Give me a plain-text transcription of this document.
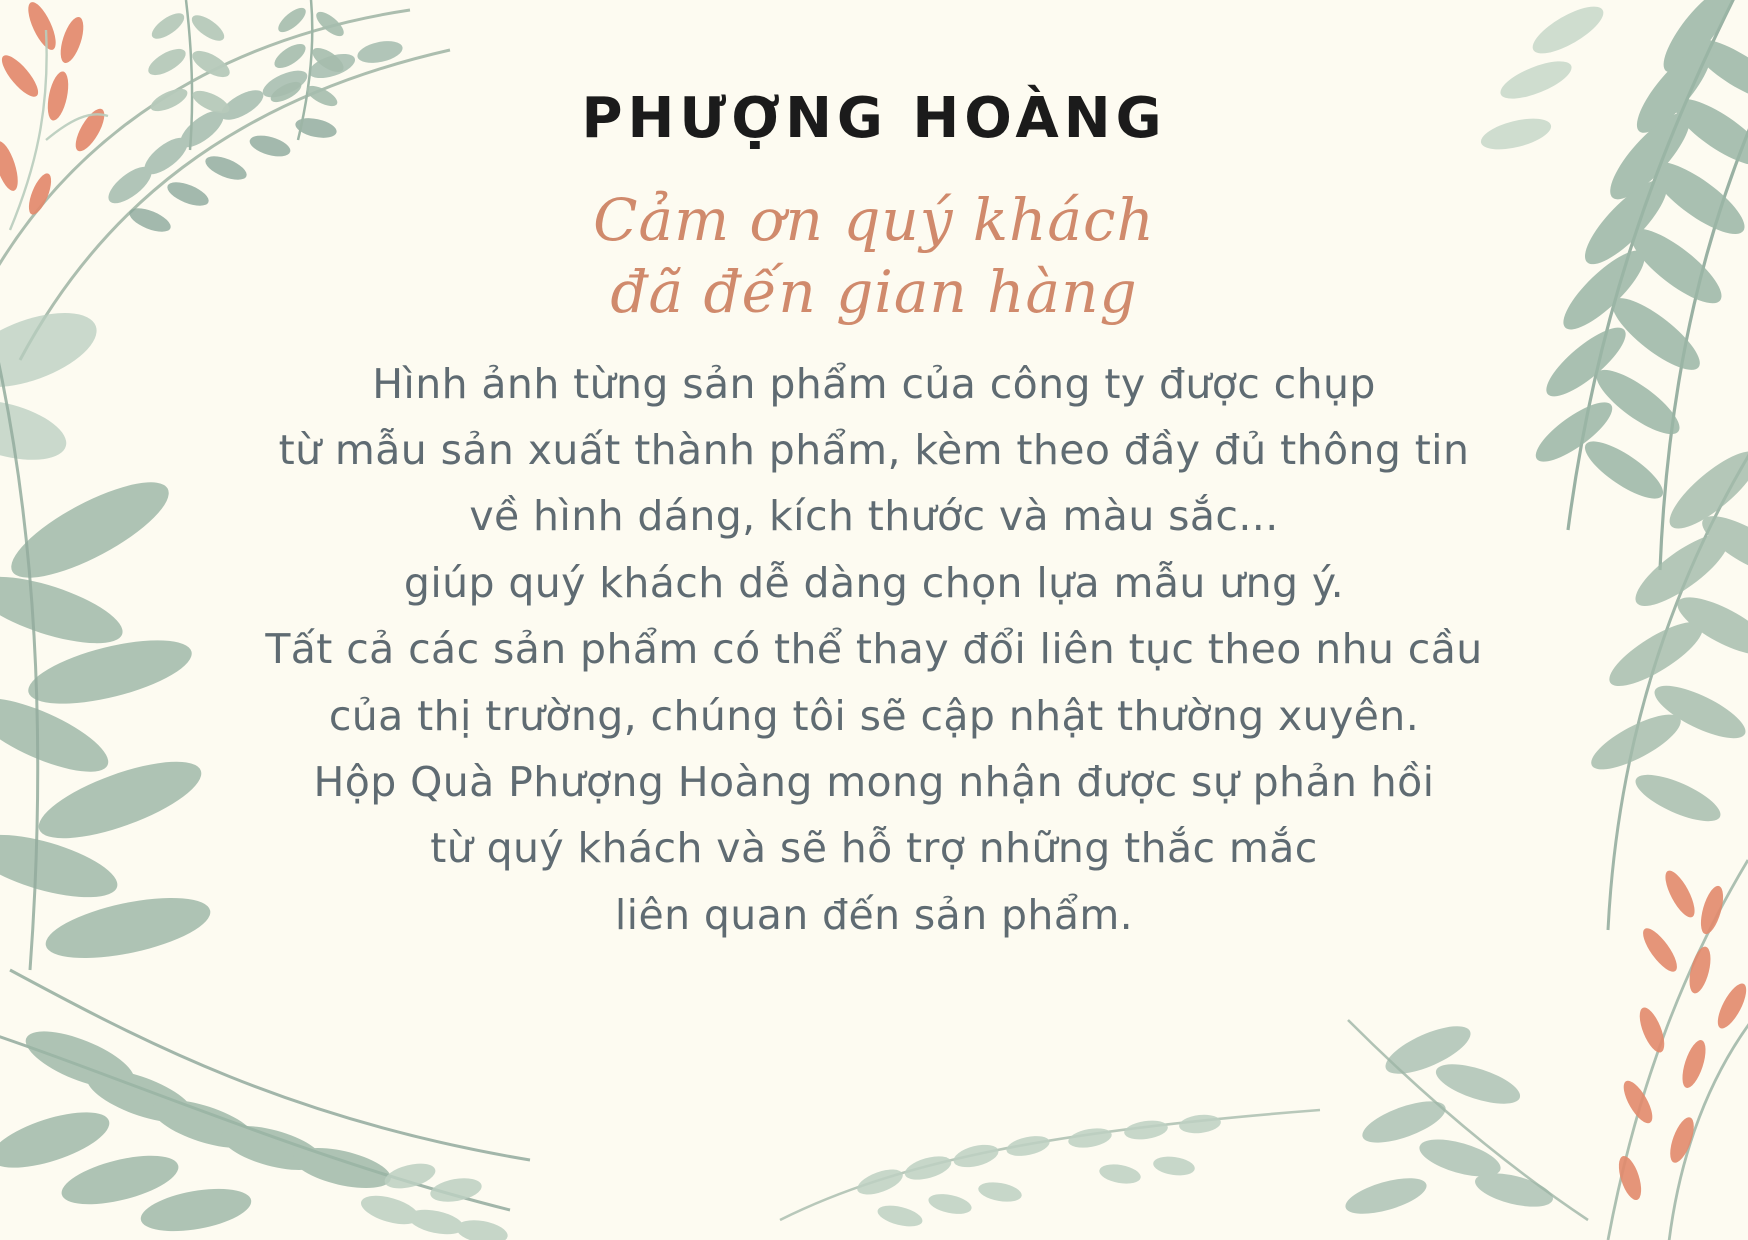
PHƯỢNG HOÀNG

Cảm ơn quý khách

đã đến gian hàng

Hình ảnh từng sản phẩm của công ty được chụp

từ mẫu sản xuất thành phẩm, kèm theo đầy đủ thông tin

về hình dáng, kích thước và màu sắc...

giúp quý khách dễ dàng chọn lựa mẫu ưng ý.

Tất cả các sản phẩm có thể thay đổi liên tục theo nhu cầu

của thị trường, chúng tôi sẽ cập nhật thường xuyên.

Hộp Quà Phượng Hoàng mong nhận được sự phản hồi

từ quý khách và sẽ hỗ trợ những thắc mắc

liên quan đến sản phẩm.
